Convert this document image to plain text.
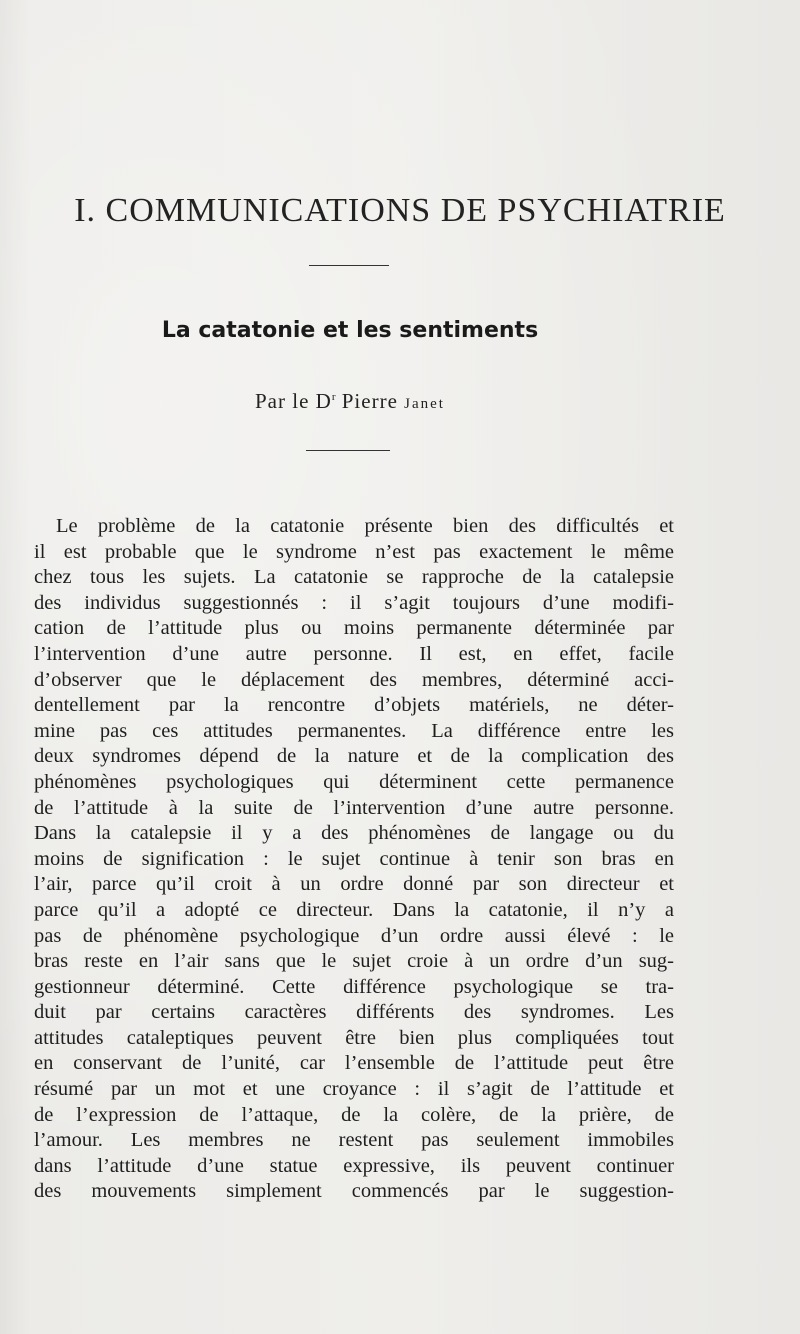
I. COMMUNICATIONS DE PSYCHIATRIE
La catatonie et les sentiments

Par le $D^r$ Pierre Janet

Le problème de la catatonie présente bien des difficultés et
il est probable que le syndrome n’est pas exactement le même
chez tous les sujets. La catatonie se rapproche de la catalepsie
des individus suggestionnés : il s’agit toujours d’une modifi-
cation de l’attitude plus ou moins permanente déterminée par
l’intervention d’une autre personne. Il est, en effet, facile
d’observer que le déplacement des membres, déterminé acci-
dentellement par la rencontre d’objets matériels, ne déter-
mine pas ces attitudes permanentes. La différence entre les
deux syndromes dépend de la nature et de la complication des
phénomènes psychologiques qui déterminent cette permanence
de l’attitude à la suite de l’intervention d’une autre personne.
Dans la catalepsie il y a des phénomènes de langage ou du
moins de signification : le sujet continue à tenir son bras en
l’air, parce qu’il croit à un ordre donné par son directeur et
parce qu’il a adopté ce directeur. Dans la catatonie, il n’y a
pas de phénomène psychologique d’un ordre aussi élevé : le
bras reste en l’air sans que le sujet croie à un ordre d’un sug-
gestionneur déterminé. Cette différence psychologique se tra-
duit par certains caractères différents des syndromes. Les
attitudes cataleptiques peuvent être bien plus compliquées tout
en conservant de l’unité, car l’ensemble de l’attitude peut être
résumé par un mot et une croyance : il s’agit de l’attitude et
de l’expression de l’attaque, de la colère, de la prière, de
l’amour. Les membres ne restent pas seulement immobiles
dans l’attitude d’une statue expressive, ils peuvent continuer
des mouvements simplement commencés par le suggestion-
